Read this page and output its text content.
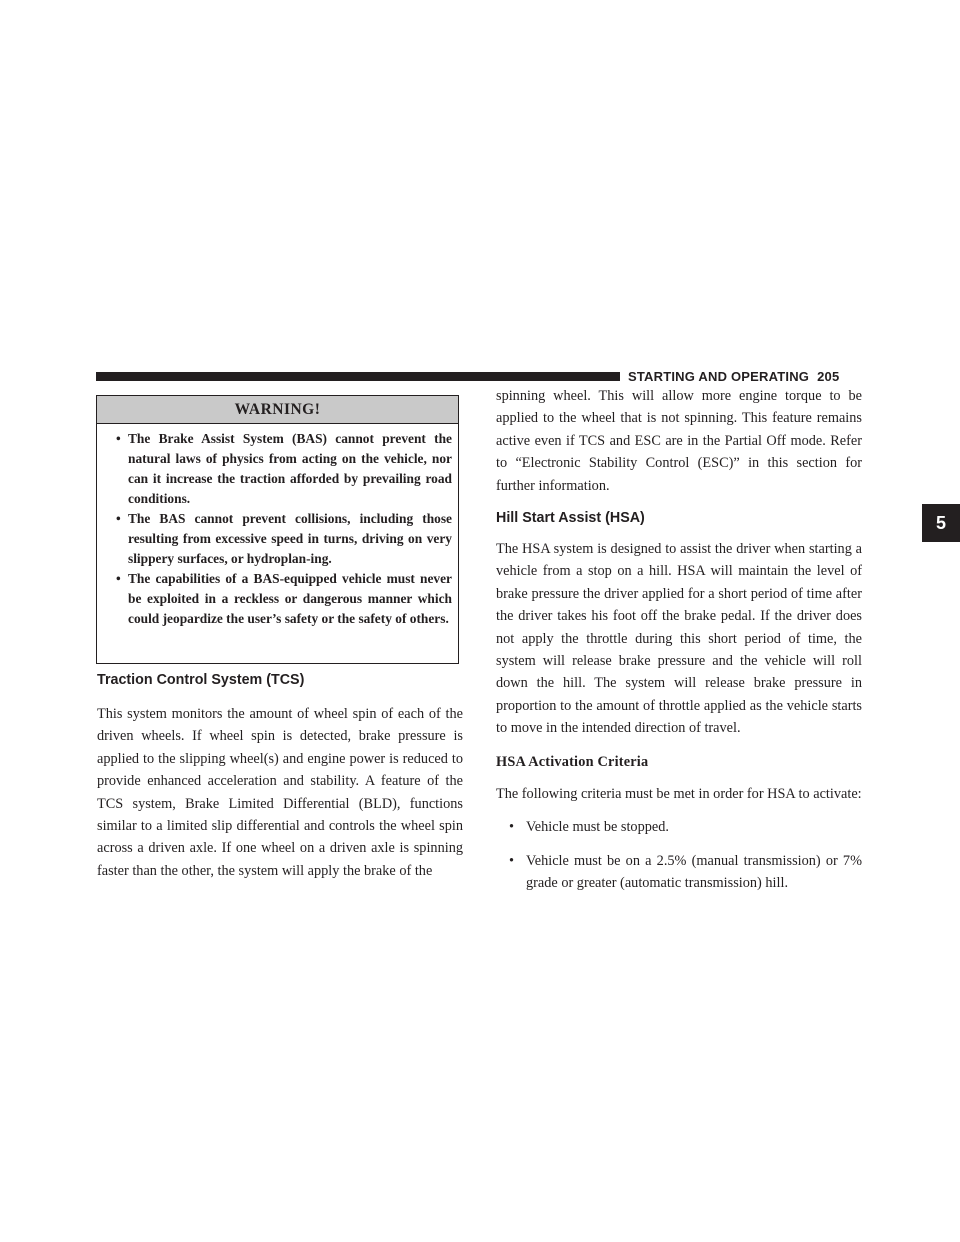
STARTING AND OPERATING 205
5
WARNING!
• The Brake Assist System (BAS) cannot prevent the natural laws of physics from acting on the vehicle, nor can it increase the traction afforded by prevailing road conditions.
• The BAS cannot prevent collisions, including those resulting from excessive speed in turns, driving on very slippery surfaces, or hydroplan-ing.
• The capabilities of a BAS-equipped vehicle must never be exploited in a reckless or dangerous manner which could jeopardize the user’s safety or the safety of others.
Traction Control System (TCS)

This system monitors the amount of wheel spin of each of the driven wheels. If wheel spin is detected, brake pressure is applied to the slipping wheel(s) and engine power is reduced to provide enhanced acceleration and stability. A feature of the TCS system, Brake Limited Differential (BLD), functions similar to a limited slip differential and controls the wheel spin across a driven axle. If one wheel on a driven axle is spinning faster than the other, the system will apply the brake of the

spinning wheel. This will allow more engine torque to be applied to the wheel that is not spinning. This feature remains active even if TCS and ESC are in the Partial Off mode. Refer to “Electronic Stability Control (ESC)” in this section for further information.

Hill Start Assist (HSA)

The HSA system is designed to assist the driver when starting a vehicle from a stop on a hill. HSA will maintain the level of brake pressure the driver applied for a short period of time after the driver takes his foot off the brake pedal. If the driver does not apply the throttle during this short period of time, the system will release brake pressure and the vehicle will roll down the hill. The system will release brake pressure in proportion to the amount of throttle applied as the vehicle starts to move in the intended direction of travel.

HSA Activation Criteria

The following criteria must be met in order for HSA to activate:

• Vehicle must be stopped.
• Vehicle must be on a 2.5% (manual transmission) or 7% grade or greater (automatic transmission) hill.
